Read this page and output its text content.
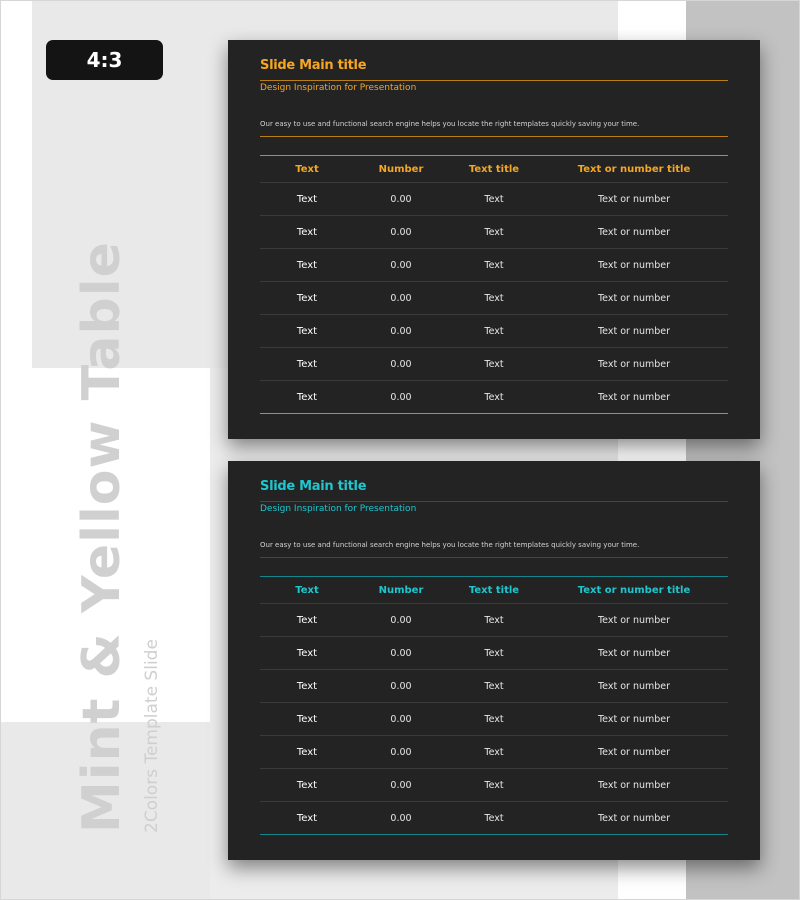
4:3
Mint & Yellow Table 2Colors Template Slide
Slide Main title
Design Inspiration for Presentation
Our easy to use and functional search engine helps you locate the right templates quickly saving your time.
Text	Number	Text title	Text or number title
Text	0.00	Text	Text or number
Text	0.00	Text	Text or number
Text	0.00	Text	Text or number
Text	0.00	Text	Text or number
Text	0.00	Text	Text or number
Text	0.00	Text	Text or number
Text	0.00	Text	Text or number
Slide Main title
Design Inspiration for Presentation
Our easy to use and functional search engine helps you locate the right templates quickly saving your time.
Text	Number	Text title	Text or number title
Text	0.00	Text	Text or number
Text	0.00	Text	Text or number
Text	0.00	Text	Text or number
Text	0.00	Text	Text or number
Text	0.00	Text	Text or number
Text	0.00	Text	Text or number
Text	0.00	Text	Text or number
